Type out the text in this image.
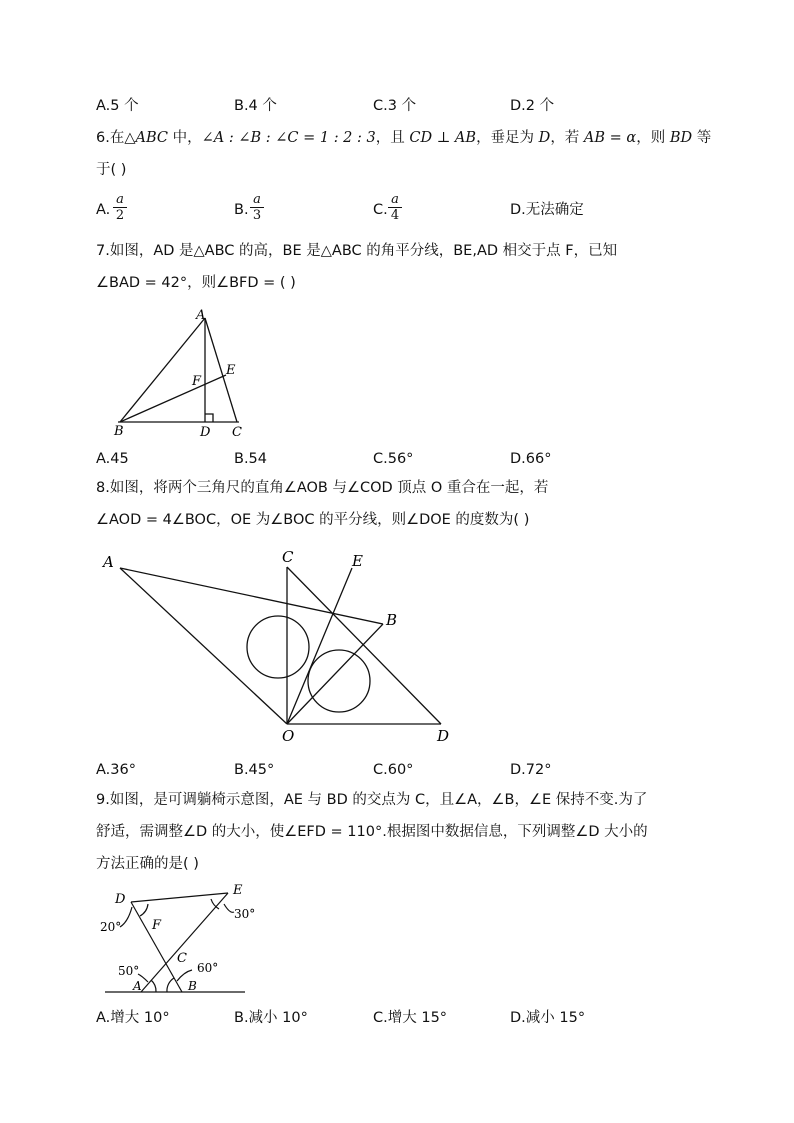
A.5 个	B.4 个	C.3 个	D.2 个
6.在△ABC 中，∠A : ∠B : ∠C = 1 : 2 : 3，且 CD ⊥ AB，垂足为 D，若 AB = α，则 BD 等
于( )
A. $\frac{a}{2}$	B. $\frac{a}{3}$	C. $\frac{a}{4}$	D.无法确定
7.如图，AD 是△ABC 的高，BE 是△ABC 的角平分线，BE,AD 相交于点 F，已知
∠BAD = 42°，则∠BFD = ( )
A
B	C
D
E
F
A.45	B.54	C.56°	D.66°
8.如图，将两个三角尺的直角∠AOB 与∠COD 顶点 O 重合在一起，若
∠AOD = 4∠BOC，OE 为∠BOC 的平分线，则∠DOE 的度数为( )
A
B
C	E
O	D
A.36°	B.45°	C.60°	D.72°
9.如图，是可调躺椅示意图，AE 与 BD 的交点为 C，且∠A，∠B，∠E 保持不变.为了
舒适，需调整∠D 的大小，使∠EFD = 110°.根据图中数据信息，下列调整∠D 大小的
方法正确的是( )
D
E
F
C
A	B
20°
30°
50°	60°
A.增大 10°	B.减小 10°	C.增大 15°	D.减小 15°
